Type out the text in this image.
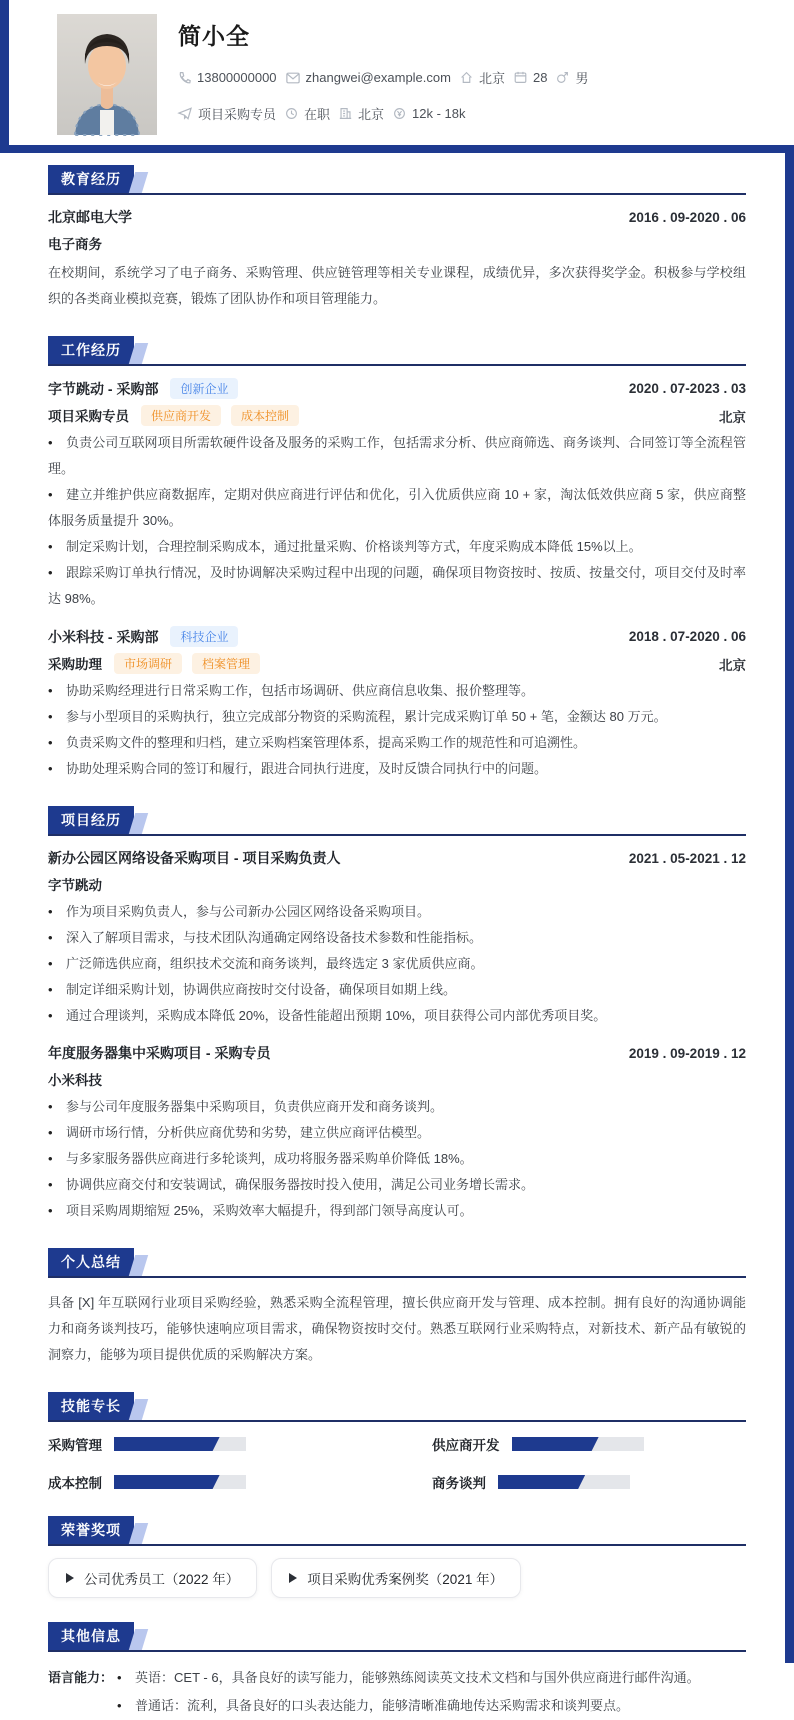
简小全
13800000000 zhangwei@example.com 北京 28 男
项目采购专员 在职 北京 12k - 18k
教育经历
北京邮电大学	2016 . 09-2020 . 06
电子商务
在校期间，系统学习了电子商务、采购管理、供应链管理等相关专业课程，成绩优异，多次获得奖学金。积极参与学校组织的各类商业模拟竞赛，锻炼了团队协作和项目管理能力。
工作经历
字节跳动 - 采购部 创新企业	2020 . 07-2023 . 03
项目采购专员 供应商开发	成本控制	北京
• 负责公司互联网项目所需软硬件设备及服务的采购工作，包括需求分析、供应商筛选、商务谈判、合同签订等全流程管理。
• 建立并维护供应商数据库，定期对供应商进行评估和优化，引入优质供应商 10 + 家，淘汰低效供应商 5 家，供应商整体服务质量提升 30%。
• 制定采购计划，合理控制采购成本，通过批量采购、价格谈判等方式，年度采购成本降低 15%以上。
• 跟踪采购订单执行情况，及时协调解决采购过程中出现的问题，确保项目物资按时、按质、按量交付，项目交付及时率达 98%。
小米科技 - 采购部 科技企业	2018 . 07-2020 . 06
采购助理 市场调研	档案管理	北京
• 协助采购经理进行日常采购工作，包括市场调研、供应商信息收集、报价整理等。
• 参与小型项目的采购执行，独立完成部分物资的采购流程，累计完成采购订单 50 + 笔，金额达 80 万元。
• 负责采购文件的整理和归档，建立采购档案管理体系，提高采购工作的规范性和可追溯性。
• 协助处理采购合同的签订和履行，跟进合同执行进度，及时反馈合同执行中的问题。
项目经历
新办公园区网络设备采购项目 - 项目采购负责人	2021 . 05-2021 . 12
字节跳动
• 作为项目采购负责人，参与公司新办公园区网络设备采购项目。
• 深入了解项目需求，与技术团队沟通确定网络设备技术参数和性能指标。
• 广泛筛选供应商，组织技术交流和商务谈判，最终选定 3 家优质供应商。
• 制定详细采购计划，协调供应商按时交付设备，确保项目如期上线。
• 通过合理谈判，采购成本降低 20%，设备性能超出预期 10%，项目获得公司内部优秀项目奖。
年度服务器集中采购项目 - 采购专员	2019 . 09-2019 . 12
小米科技
• 参与公司年度服务器集中采购项目，负责供应商开发和商务谈判。
• 调研市场行情，分析供应商优势和劣势，建立供应商评估模型。
• 与多家服务器供应商进行多轮谈判，成功将服务器采购单价降低 18%。
• 协调供应商交付和安装调试，确保服务器按时投入使用，满足公司业务增长需求。
• 项目采购周期缩短 25%，采购效率大幅提升，得到部门领导高度认可。
个人总结
具备 [X] 年互联网行业项目采购经验，熟悉采购全流程管理，擅长供应商开发与管理、成本控制。拥有良好的沟通协调能力和商务谈判技巧，能够快速响应项目需求，确保物资按时交付。熟悉互联网行业采购特点，对新技术、新产品有敏锐的洞察力，能够为项目提供优质的采购解决方案。
技能专长
采购管理	供应商开发
成本控制	商务谈判
荣誉奖项
公司优秀员工（2022 年）	项目采购优秀案例奖（2021 年）
其他信息
语言能力： • 英语：CET - 6，具备良好的读写能力，能够熟练阅读英文技术文档和与国外供应商进行邮件沟通。
• 普通话：流利，具备良好的口头表达能力，能够清晰准确地传达采购需求和谈判要点。
